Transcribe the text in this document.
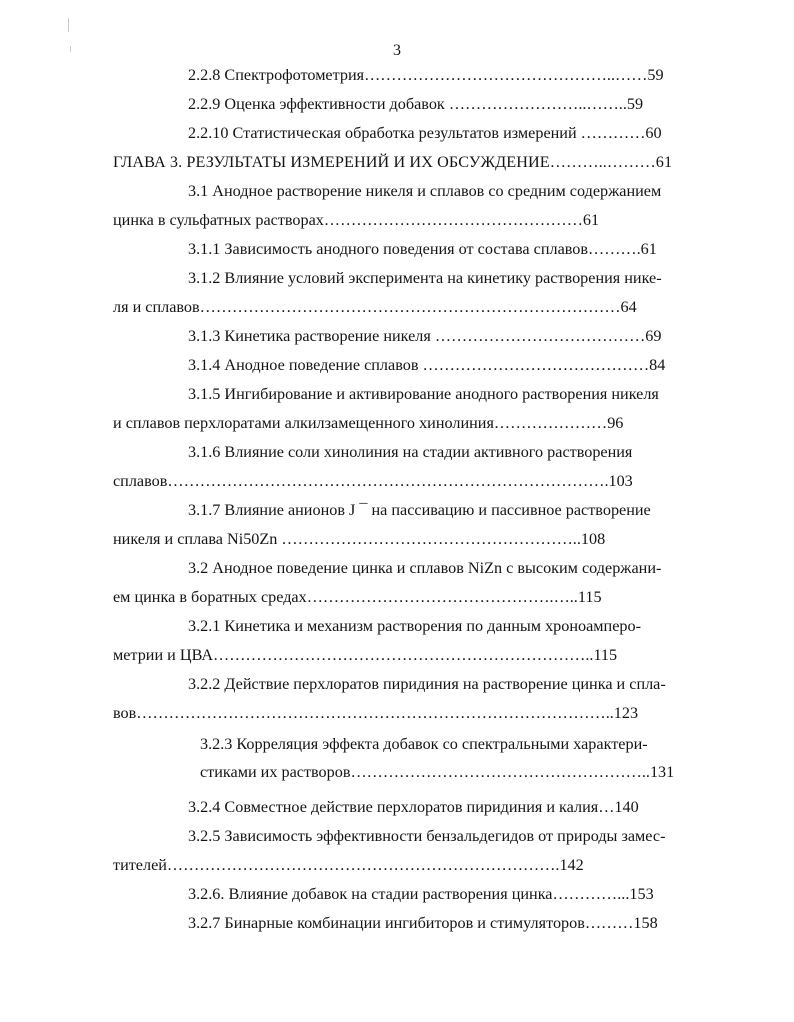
3
2.2.8 Спектрофотометрия………………………………………..……59
2.2.9 Оценка эффективности добавок ……………………..……..59
2.2.10 Статистическая обработка результатов измерений …………60
ГЛАВА 3. РЕЗУЛЬТАТЫ ИЗМЕРЕНИЙ И ИХ ОБСУЖДЕНИЕ………..………61
3.1 Анодное растворение никеля и сплавов со средним содержанием
цинка в сульфатных растворах…………………………………………61
3.1.1 Зависимость анодного поведения от состава сплавов……….61
3.1.2 Влияние условий эксперимента на кинетику растворения нике-
ля и сплавов……………………………………………………………………64
3.1.3 Кинетика растворение никеля …………………………………69
3.1.4 Анодное поведение сплавов ……………………………………84
3.1.5 Ингибирование и активирование анодного растворения никеля
и сплавов перхлоратами алкилзамещенного хинолиния…………………96
3.1.6 Влияние соли хинолиния на стадии активного растворения
сплавов……………………………………………………………………….103
3.1.7 Влияние анионов J ¯ на пассивацию и пассивное растворение
никеля и сплава Ni50Zn ………………………………………………..108
3.2 Анодное поведение цинка и сплавов NiZn с высоким содержани-
ем цинка в боратных средах……………………………………….…..115
3.2.1 Кинетика и механизм растворения по данным хроноамперо-
метрии и ЦВА……………………………………………………………..115
3.2.2 Действие перхлоратов пиридиния на растворение цинка и спла-
вов……………………………………………………………………………..123
3.2.3 Корреляция эффекта добавок со спектральными характери-
стиками их растворов………………………………………………..131
3.2.4 Совместное действие перхлоратов пиридиния и калия…140
3.2.5 Зависимость эффективности бензальдегидов от природы замес-
тителей……………………………………………………………….142
3.2.6. Влияние добавок на стадии растворения цинка…………...153
3.2.7 Бинарные комбинации ингибиторов и стимуляторов………158
